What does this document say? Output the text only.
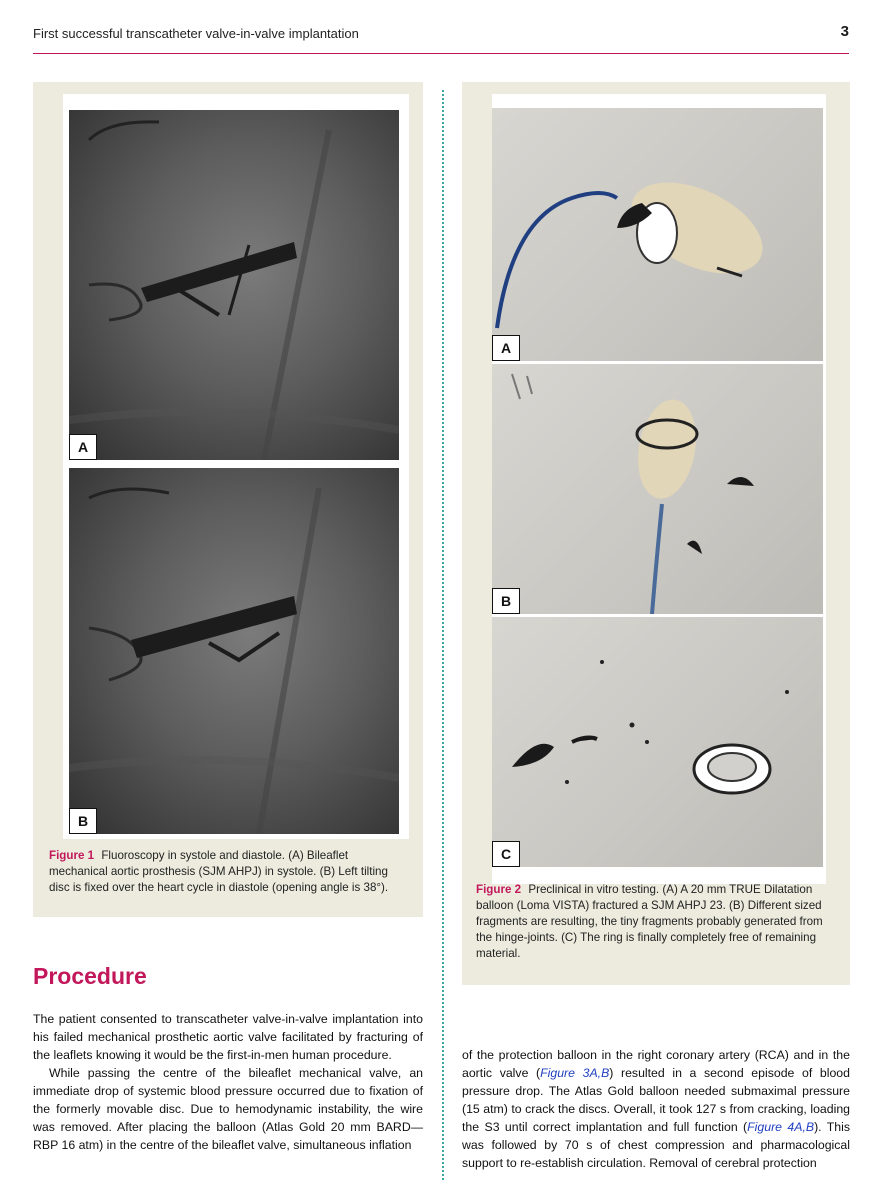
First successful transcatheter valve-in-valve implantation	3
A
B
Figure 1 Fluoroscopy in systole and diastole. (A) Bileaflet mechanical aortic prosthesis (SJM AHPJ) in systole. (B) Left tilting disc is fixed over the heart cycle in diastole (opening angle is 38°).
A
B
C
Figure 2 Preclinical in vitro testing. (A) A 20 mm TRUE Dilatation balloon (Loma VISTA) fractured a SJM AHPJ 23. (B) Different sized fragments are resulting, the tiny fragments probably generated from the hinge-joints. (C) The ring is finally completely free of remaining material.
Procedure

The patient consented to transcatheter valve-in-valve implantation into his failed mechanical prosthetic aortic valve facilitated by fracturing of the leaflets knowing it would be the first-in-men human procedure.

While passing the centre of the bileaflet mechanical valve, an immediate drop of systemic blood pressure occurred due to fixation of the formerly movable disc. Due to hemodynamic instability, the wire was removed. After placing the balloon (Atlas Gold 20 mm BARD—RBP 16 atm) in the centre of the bileaflet valve, simultaneous inflation

of the protection balloon in the right coronary artery (RCA) and in the aortic valve (Figure 3A,B) resulted in a second episode of blood pressure drop. The Atlas Gold balloon needed submaximal pressure (15 atm) to crack the discs. Overall, it took 127 s from cracking, loading the S3 until correct implantation and full function (Figure 4A,B). This was followed by 70 s of chest compression and pharmacological support to re-establish circulation. Removal of cerebral protection
